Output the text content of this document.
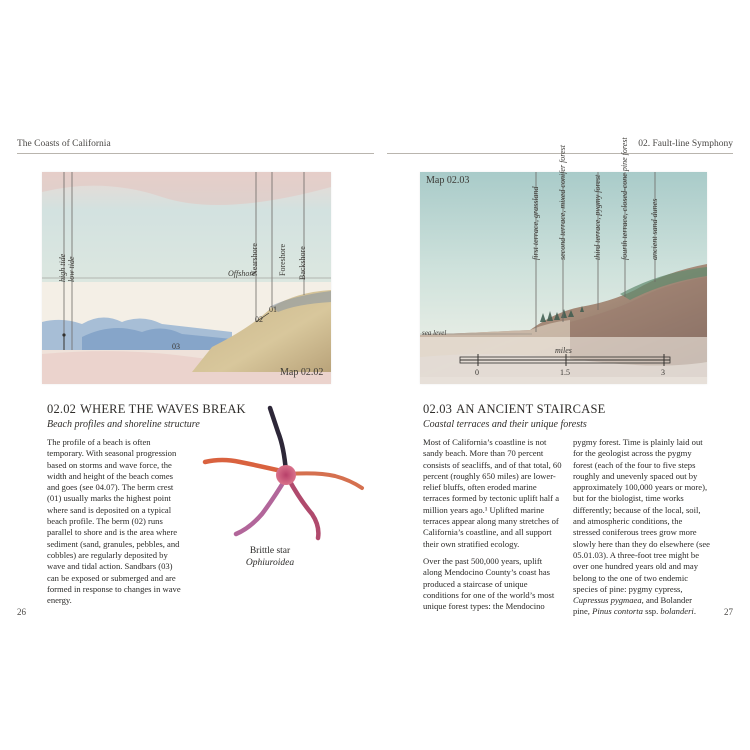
The Coasts of California	02. Fault-line Symphony
high tide low tide	Nearshore Foreshore Backshore
Offshore
01
02
03
Map 02.02
Map 02.03
first terrace, grassland second terrace, mixed conifer forest	third terrace, pygmy forest fourth terrace, closed-cone pine forest	ancient sand dunes
sea level
miles
0	1.5	3
02.02 WHERE THE WAVES BREAK
Beach profiles and shoreline structure

The profile of a beach is often temporary. With seasonal progression based on storms and wave force, the width and height of the beach comes and goes (see 04.07). The berm crest (01) usually marks the highest point where sand is deposited on a typical beach profile. The berm (02) runs parallel to shore and is the area where sediment (sand, granules, pebbles, and cobbles) are regularly deposited by wave and tidal action. Sandbars (03) can be exposed or submerged and are formed in response to changes in wave energy.

Brittle star
Ophiuroidea
02.03 AN ANCIENT STAIRCASE
Coastal terraces and their unique forests

Most of California’s coastline is not sandy beach. More than 70 percent consists of seacliffs, and of that total, 60 percent (roughly 650 miles) are lower-relief bluffs, often eroded marine terraces formed by tectonic uplift half a million years ago.¹ Uplifted marine terraces appear along many stretches of California’s coastline, and all support their own stratified ecology.

Over the past 500,000 years, uplift along Mendocino County’s coast has produced a staircase of unique conditions for one of the world’s most unique forest types: the Mendocino

pygmy forest. Time is plainly laid out for the geologist across the pygmy forest (each of the four to five steps roughly and unevenly spaced out by approximately 100,000 years or more), but for the biologist, time works differently; because of the local, soil, and atmospheric conditions, the stressed coniferous trees grow more slowly here than they do elsewhere (see 05.01.03). A three-foot tree might be over one hundred years old and may belong to the one of two endemic species of pine: pygmy cypress, Cupressus pygmaea, and Bolander pine, Pinus contorta ssp. bolanderi.

26	27
